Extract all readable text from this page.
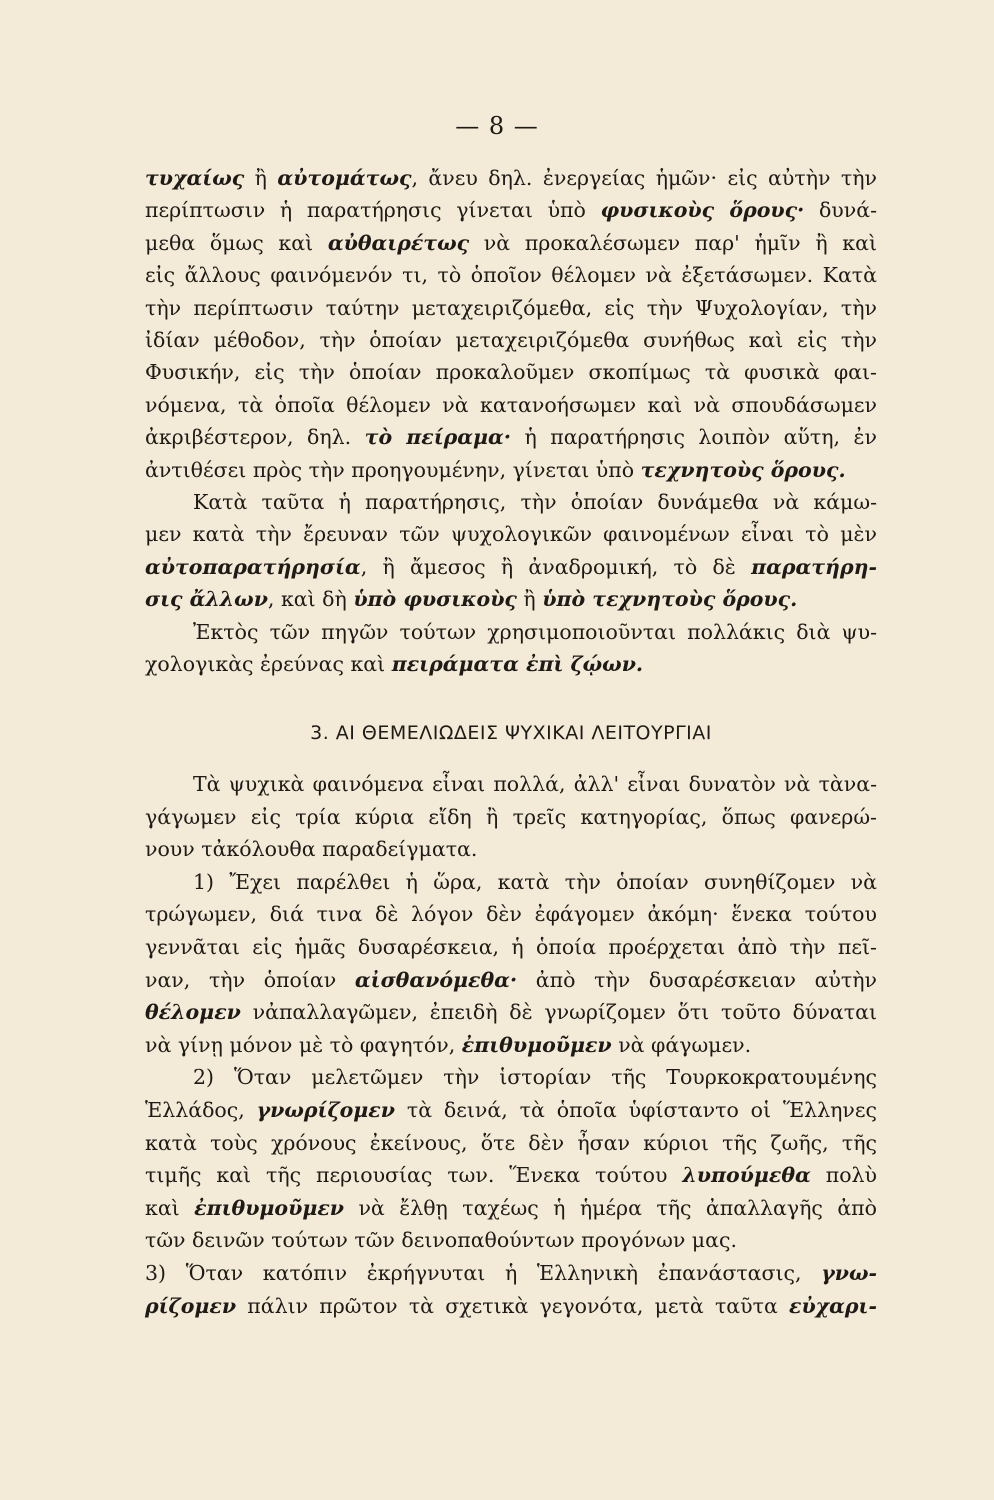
— 8 —
τυχαίως ἢ αὐτομάτως, ἄνευ δηλ. ἐνεργείας ἡμῶν· εἰς αὐτὴν τὴν
περίπτωσιν ἡ παρατήρησις γίνεται ὑπὸ φυσικοὺς ὅρους· δυνά-
μεθα ὅμως καὶ αὐθαιρέτως νὰ προκαλέσωμεν παρ' ἡμῖν ἢ καὶ
εἰς ἄλλους φαινόμενόν τι, τὸ ὁποῖον θέλομεν νὰ ἐξετάσωμεν. Κατὰ
τὴν περίπτωσιν ταύτην μεταχειριζόμεθα, εἰς τὴν Ψυχολογίαν, τὴν
ἰδίαν μέθοδον, τὴν ὁποίαν μεταχειριζόμεθα συνήθως καὶ εἰς τὴν
Φυσικήν, εἰς τὴν ὁποίαν προκαλοῦμεν σκοπίμως τὰ φυσικὰ φαι-
νόμενα, τὰ ὁποῖα θέλομεν νὰ κατανοήσωμεν καὶ νὰ σπουδάσωμεν
ἀκριβέστερον, δηλ. τὸ πείραμα· ἡ παρατήρησις λοιπὸν αὕτη, ἐν
ἀντιθέσει πρὸς τὴν προηγουμένην, γίνεται ὑπὸ τεχνητοὺς ὅρους.
Κατὰ ταῦτα ἡ παρατήρησις, τὴν ὁποίαν δυνάμεθα νὰ κάμω-
μεν κατὰ τὴν ἔρευναν τῶν ψυχολογικῶν φαινομένων εἶναι τὸ μὲν
αὐτοπαρατήρησία, ἢ ἄμεσος ἢ ἀναδρομική, τὸ δὲ παρατήρη-
σις ἄλλων, καὶ δὴ ὑπὸ φυσικοὺς ἢ ὑπὸ τεχνητοὺς ὅρους.
Ἐκτὸς τῶν πηγῶν τούτων χρησιμοποιοῦνται πολλάκις διὰ ψυ-
χολογικὰς ἐρεύνας καὶ πειράματα ἐπὶ ζῴων.
3. ΑΙ ΘΕΜΕΛΙΩΔΕΙΣ ΨΥΧΙΚΑΙ ΛΕΙΤΟΥΡΓΙΑΙ
Τὰ ψυχικὰ φαινόμενα εἶναι πολλά, ἀλλ' εἶναι δυνατὸν νὰ τὰνα-
γάγωμεν εἰς τρία κύρια εἴδη ἢ τρεῖς κατηγορίας, ὅπως φανερώ-
νουν τἀκόλουθα παραδείγματα.
1) Ἔχει παρέλθει ἡ ὥρα, κατὰ τὴν ὁποίαν συνηθίζομεν νὰ
τρώγωμεν, διά τινα δὲ λόγον δὲν ἐφάγομεν ἀκόμη· ἕνεκα τούτου
γεννᾶται εἰς ἡμᾶς δυσαρέσκεια, ἡ ὁποία προέρχεται ἀπὸ τὴν πεῖ-
ναν, τὴν ὁποίαν αἰσθανόμεθα· ἀπὸ τὴν δυσαρέσκειαν αὐτὴν
θέλομεν νἀπαλλαγῶμεν, ἐπειδὴ δὲ γνωρίζομεν ὅτι τοῦτο δύναται
νὰ γίνῃ μόνον μὲ τὸ φαγητόν, ἐπιθυμοῦμεν νὰ φάγωμεν.
2) Ὅταν μελετῶμεν τὴν ἱστορίαν τῆς Τουρκοκρατουμένης
Ἑλλάδος, γνωρίζομεν τὰ δεινά, τὰ ὁποῖα ὑφίσταντο οἱ Ἕλληνες
κατὰ τοὺς χρόνους ἐκείνους, ὅτε δὲν ἦσαν κύριοι τῆς ζωῆς, τῆς
τιμῆς καὶ τῆς περιουσίας των. Ἕνεκα τούτου λυπούμεθα πολὺ
καὶ ἐπιθυμοῦμεν νὰ ἔλθῃ ταχέως ἡ ἡμέρα τῆς ἀπαλλαγῆς ἀπὸ
τῶν δεινῶν τούτων τῶν δεινοπαθούντων προγόνων μας.
3) Ὅταν κατόπιν ἐκρήγνυται ἡ Ἑλληνικὴ ἐπανάστασις, γνω-
ρίζομεν πάλιν πρῶτον τὰ σχετικὰ γεγονότα, μετὰ ταῦτα εὐχαρι-
